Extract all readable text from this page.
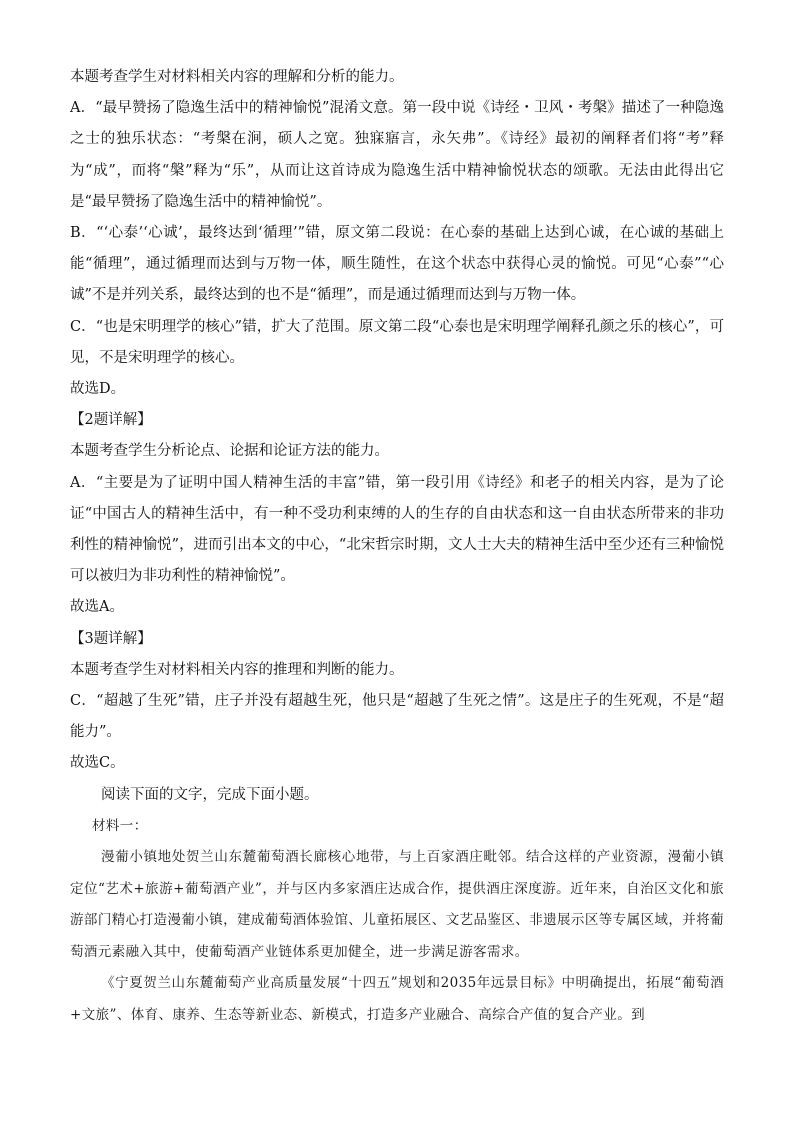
本题考查学生对材料相关内容的理解和分析的能力。

A．“最早赞扬了隐逸生活中的精神愉悦”混淆文意。第一段中说《诗经・卫风・考槃》描述了一种隐逸之士的独乐状态：“考槃在涧，硕人之宽。独寐寤言，永矢弗”。《诗经》最初的阐释者们将“考”释为“成”，而将“槃”释为“乐”，从而让这首诗成为隐逸生活中精神愉悦状态的颂歌。无法由此得出它是“最早赞扬了隐逸生活中的精神愉悦”。

B．“‘心泰’‘心诚’，最终达到‘循理’”错，原文第二段说：在心泰的基础上达到心诚，在心诚的基础上能“循理”，通过循理而达到与万物一体，顺生随性，在这个状态中获得心灵的愉悦。可见“心泰”“心诚”不是并列关系，最终达到的也不是“循理”，而是通过循理而达到与万物一体。

C．“也是宋明理学的核心”错，扩大了范围。原文第二段“心泰也是宋明理学阐释孔颜之乐的核心”，可见，不是宋明理学的核心。

故选D。

【2题详解】

本题考查学生分析论点、论据和论证方法的能力。

A．“主要是为了证明中国人精神生活的丰富”错，第一段引用《诗经》和老子的相关内容，是为了论证“中国古人的精神生活中，有一种不受功利束缚的人的生存的自由状态和这一自由状态所带来的非功利性的精神愉悦”，进而引出本文的中心，“北宋哲宗时期，文人士大夫的精神生活中至少还有三种愉悦可以被归为非功利性的精神愉悦”。

故选A。

【3题详解】

本题考查学生对材料相关内容的推理和判断的能力。

C．“超越了生死”错，庄子并没有超越生死，他只是“超越了生死之情”。这是庄子的生死观，不是“超能力”。

故选C。

阅读下面的文字，完成下面小题。

材料一：

漫葡小镇地处贺兰山东麓葡萄酒长廊核心地带，与上百家酒庄毗邻。结合这样的产业资源，漫葡小镇定位“艺术+旅游+葡萄酒产业”，并与区内多家酒庄达成合作，提供酒庄深度游。近年来，自治区文化和旅游部门精心打造漫葡小镇，建成葡萄酒体验馆、儿童拓展区、文艺品鉴区、非遗展示区等专属区域，并将葡萄酒元素融入其中，使葡萄酒产业链体系更加健全，进一步满足游客需求。

《宁夏贺兰山东麓葡萄产业高质量发展“十四五”规划和2035年远景目标》中明确提出，拓展“葡萄酒+文旅”、体育、康养、生态等新业态、新模式，打造多产业融合、高综合产值的复合产业。到
